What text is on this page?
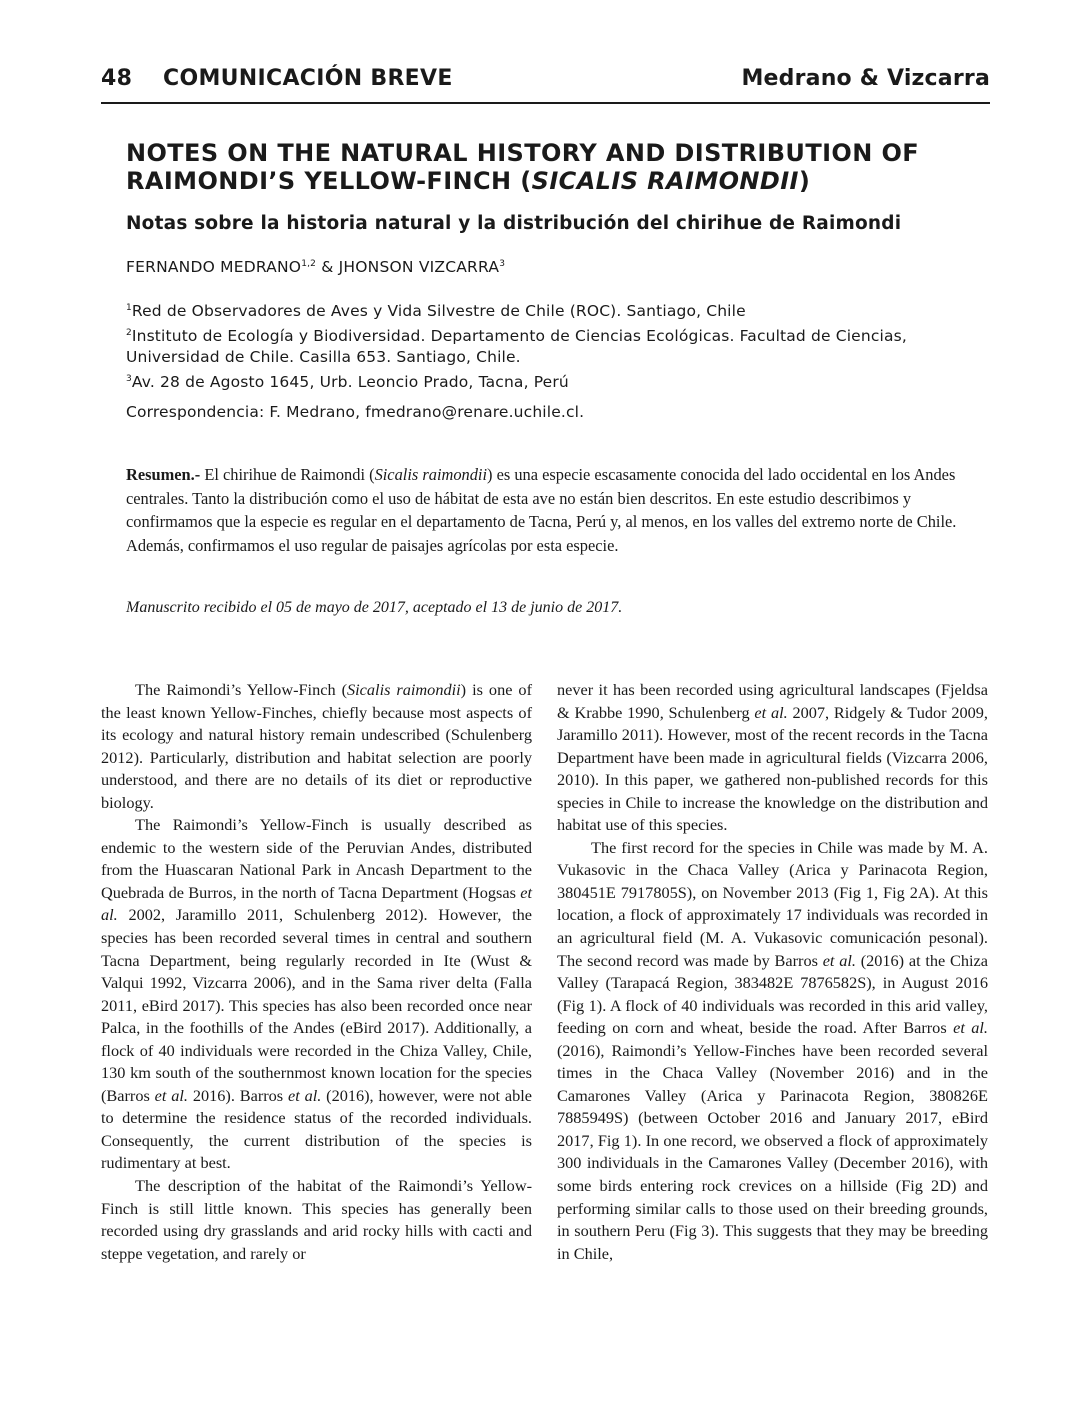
48 COMUNICACIÓN BREVE	Medrano & Vizcarra
NOTES ON THE NATURAL HISTORY AND DISTRIBUTION OF
RAIMONDI’S YELLOW-FINCH (SICALIS RAIMONDII)
Notas sobre la historia natural y la distribución del chirihue de Raimondi
FERNANDO MEDRANO$^{1,2}$ & JHONSON VIZCARRA$^3$
$^1$Red de Observadores de Aves y Vida Silvestre de Chile (ROC). Santiago, Chile
$^2$Instituto de Ecología y Biodiversidad. Departamento de Ciencias Ecológicas. Facultad de Ciencias, Universidad de Chile. Casilla 653. Santiago, Chile.
$^3$Av. 28 de Agosto 1645, Urb. Leoncio Prado, Tacna, Perú
Correspondencia: F. Medrano, fmedrano@renare.uchile.cl.

Resumen.- El chirihue de Raimondi (Sicalis raimondii) es una especie escasamente conocida del lado occidental en los Andes centrales. Tanto la distribución como el uso de hábitat de esta ave no están bien descritos. En este estudio describimos y confirmamos que la especie es regular en el departamento de Tacna, Perú y, al menos, en los valles del extremo norte de Chile. Además, confirmamos el uso regular de paisajes agrícolas por esta especie.

Manuscrito recibido el 05 de mayo de 2017, aceptado el 13 de junio de 2017.

The Raimondi’s Yellow-Finch (Sicalis raimondii) is one of the least known Yellow-Finches, chiefly because most aspects of its ecology and natural history remain undescribed (Schulenberg 2012). Particularly, distribution and habitat selection are poorly understood, and there are no details of its diet or reproductive biology.

The Raimondi’s Yellow-Finch is usually described as endemic to the western side of the Peruvian Andes, distributed from the Huascaran National Park in Ancash Department to the Quebrada de Burros, in the north of Tacna Department (Hogsas et al. 2002, Jaramillo 2011, Schulenberg 2012). However, the species has been recorded several times in central and southern Tacna Department, being regularly recorded in Ite (Wust & Valqui 1992, Vizcarra 2006), and in the Sama river delta (Falla 2011, eBird 2017). This species has also been recorded once near Palca, in the foothills of the Andes (eBird 2017). Additionally, a flock of 40 individuals were recorded in the Chiza Valley, Chile, 130 km south of the southernmost known location for the species (Barros et al. 2016). Barros et al. (2016), however, were not able to determine the residence status of the recorded individuals. Consequently, the current distribution of the species is rudimentary at best.

The description of the habitat of the Raimondi’s Yellow-Finch is still little known. This species has generally been recorded using dry grasslands and arid rocky hills with cacti and steppe vegetation, and rarely or

never it has been recorded using agricultural landscapes (Fjeldsa & Krabbe 1990, Schulenberg et al. 2007, Ridgely & Tudor 2009, Jaramillo 2011). However, most of the recent records in the Tacna Department have been made in agricultural fields (Vizcarra 2006, 2010). In this paper, we gathered non-published records for this species in Chile to increase the knowledge on the distribution and habitat use of this species.

The first record for the species in Chile was made by M. A. Vukasovic in the Chaca Valley (Arica y Parinacota Region, 380451E 7917805S), on November 2013 (Fig 1, Fig 2A). At this location, a flock of approximately 17 individuals was recorded in an agricultural field (M. A. Vukasovic comunicación pesonal). The second record was made by Barros et al. (2016) at the Chiza Valley (Tarapacá Region, 383482E 7876582S), in August 2016 (Fig 1). A flock of 40 individuals was recorded in this arid valley, feeding on corn and wheat, beside the road. After Barros et al. (2016), Raimondi’s Yellow-Finches have been recorded several times in the Chaca Valley (November 2016) and in the Camarones Valley (Arica y Parinacota Region, 380826E 7885949S) (between October 2016 and January 2017, eBird 2017, Fig 1). In one record, we observed a flock of approximately 300 individuals in the Camarones Valley (December 2016), with some birds entering rock crevices on a hillside (Fig 2D) and performing similar calls to those used on their breeding grounds, in southern Peru (Fig 3). This suggests that they may be breeding in Chile,
